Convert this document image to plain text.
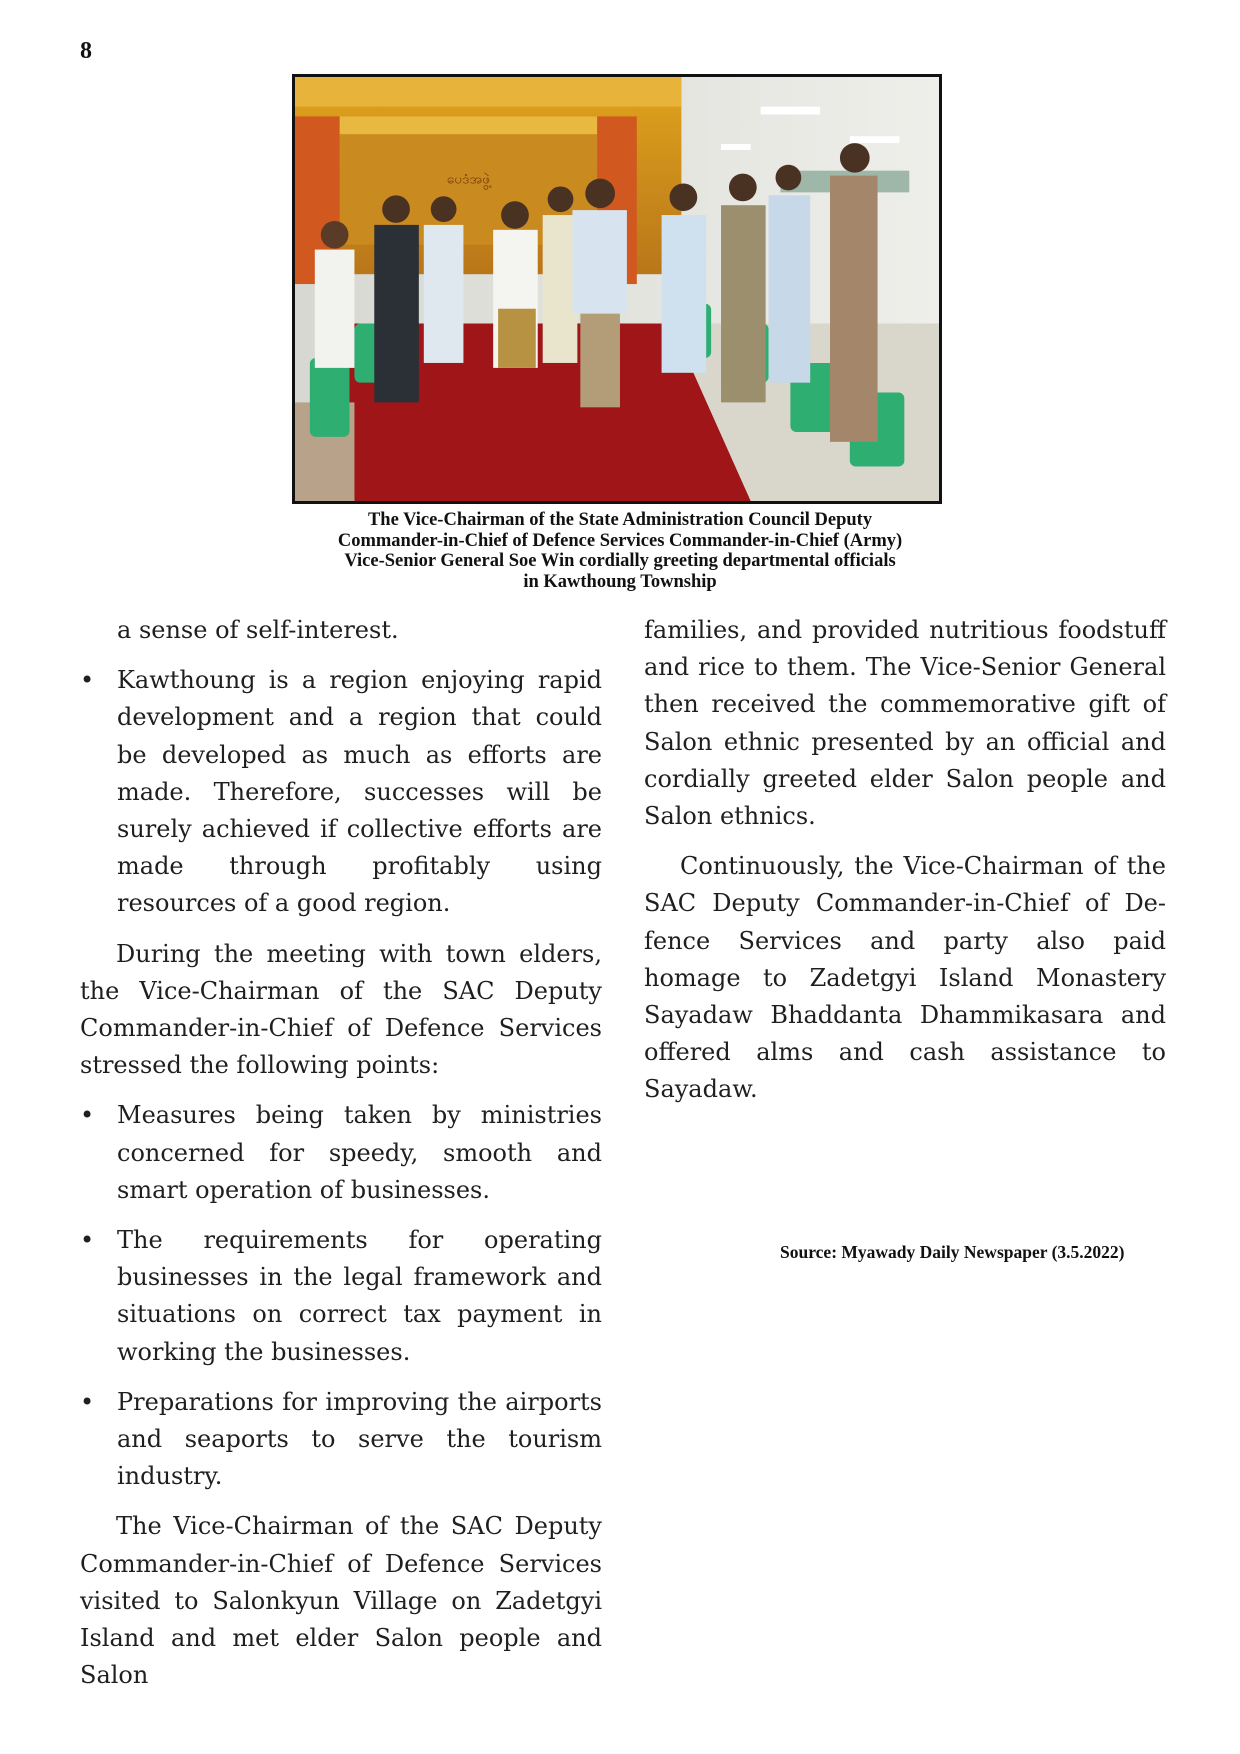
8
ပေဒံအဖွဲ့
The Vice-Chairman of the State Administration Council Deputy
Commander-in-Chief of Defence Services Commander-in-Chief (Army)
Vice-Senior General Soe Win cordially greeting departmental officials
in Kawthoung Township

a sense of self-interest.

• Kawthoung is a region enjoying rapid development and a region that could be developed as much as efforts are made. Therefore, successes will be surely achieved if collective efforts are made through profitably using resources of a good region.

During the meeting with town elders, the Vice-Chairman of the SAC Deputy Commander-in-Chief of Defence Services stressed the following points:

• Measures being taken by ministries concerned for speedy, smooth and smart operation of businesses.
• The requirements for operating businesses in the legal framework and situations on correct tax payment in working the businesses.
• Preparations for improving the airports and seaports to serve the tourism industry.

The Vice-Chairman of the SAC Deputy Commander-in-Chief of Defence Services visited to Salonkyun Village on Zadetgyi Island and met elder Salon people and Salon

families, and provided nutritious foodstuff and rice to them. The Vice-Senior General then received the commemorative gift of Salon ethnic presented by an official and cordially greeted elder Salon people and Salon ethnics.

Continuously, the Vice-Chairman of the SAC Deputy Commander-in-Chief of Defence Services and party also paid homage to Zadetgyi Island Monastery Sayadaw Bhaddanta Dhammikasara and offered alms and cash assistance to Sayadaw.

Source: Myawady Daily Newspaper (3.5.2022)
